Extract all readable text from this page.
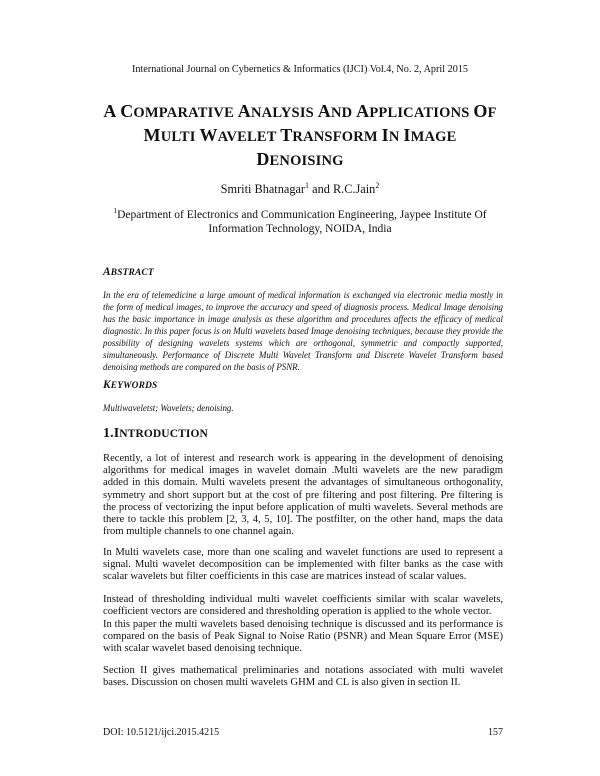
International Journal on Cybernetics & Informatics (IJCI) Vol.4, No. 2, April 2015
A COMPARATIVE ANALYSIS AND APPLICATIONS OF
MULTI WAVELET TRANSFORM IN IMAGE
DENOISING
Smriti Bhatnagar$^1$ and R.C.Jain$^2$
$^1$Department of Electronics and Communication Engineering, Jaypee Institute Of
Information Technology, NOIDA, India
ABSTRACT
In the era of telemedicine a large amount of medical information is exchanged via electronic media mostly in the form of medical images, to improve the accuracy and speed of diagnosis process. Medical Image denoising has the basic importance in image analysis as these algorithm and procedures affects the efficacy of medical diagnostic. In this paper focus is on Multi wavelets based Image denoising techniques, because they provide the possibility of designing wavelets systems which are orthogonal, symmetric and compactly supported, simultaneously. Performance of Discrete Multi Wavelet Transform and Discrete Wavelet Transform based denoising methods are compared on the basis of PSNR.
KEYWORDS
Multiwaveletst; Wavelets; denoising.
1.INTRODUCTION
Recently, a lot of interest and research work is appearing in the development of denoising algorithms for medical images in wavelet domain .Multi wavelets are the new paradigm added in this domain. Multi wavelets present the advantages of simultaneous orthogonality, symmetry and short support but at the cost of pre filtering and post filtering. Pre filtering is the process of vectorizing the input before application of multi wavelets. Several methods are there to tackle this problem [2, 3, 4, 5, 10]. The postfilter, on the other hand, maps the data from multiple channels to one channel again.
In Multi wavelets case, more than one scaling and wavelet functions are used to represent a signal. Multi wavelet decomposition can be implemented with filter banks as the case with scalar wavelets but filter coefficients in this case are matrices instead of scalar values.
Instead of thresholding individual multi wavelet coefficients similar with scalar wavelets, coefficient vectors are considered and thresholding operation is applied to the whole vector.
In this paper the multi wavelets based denoising technique is discussed and its performance is compared on the basis of Peak Signal to Noise Ratio (PSNR) and Mean Square Error (MSE) with scalar wavelet based denoising technique.
Section II gives mathematical preliminaries and notations associated with multi wavelet bases. Discussion on chosen multi wavelets GHM and CL is also given in section II.
DOI: 10.5121/ijci.2015.4215	157
